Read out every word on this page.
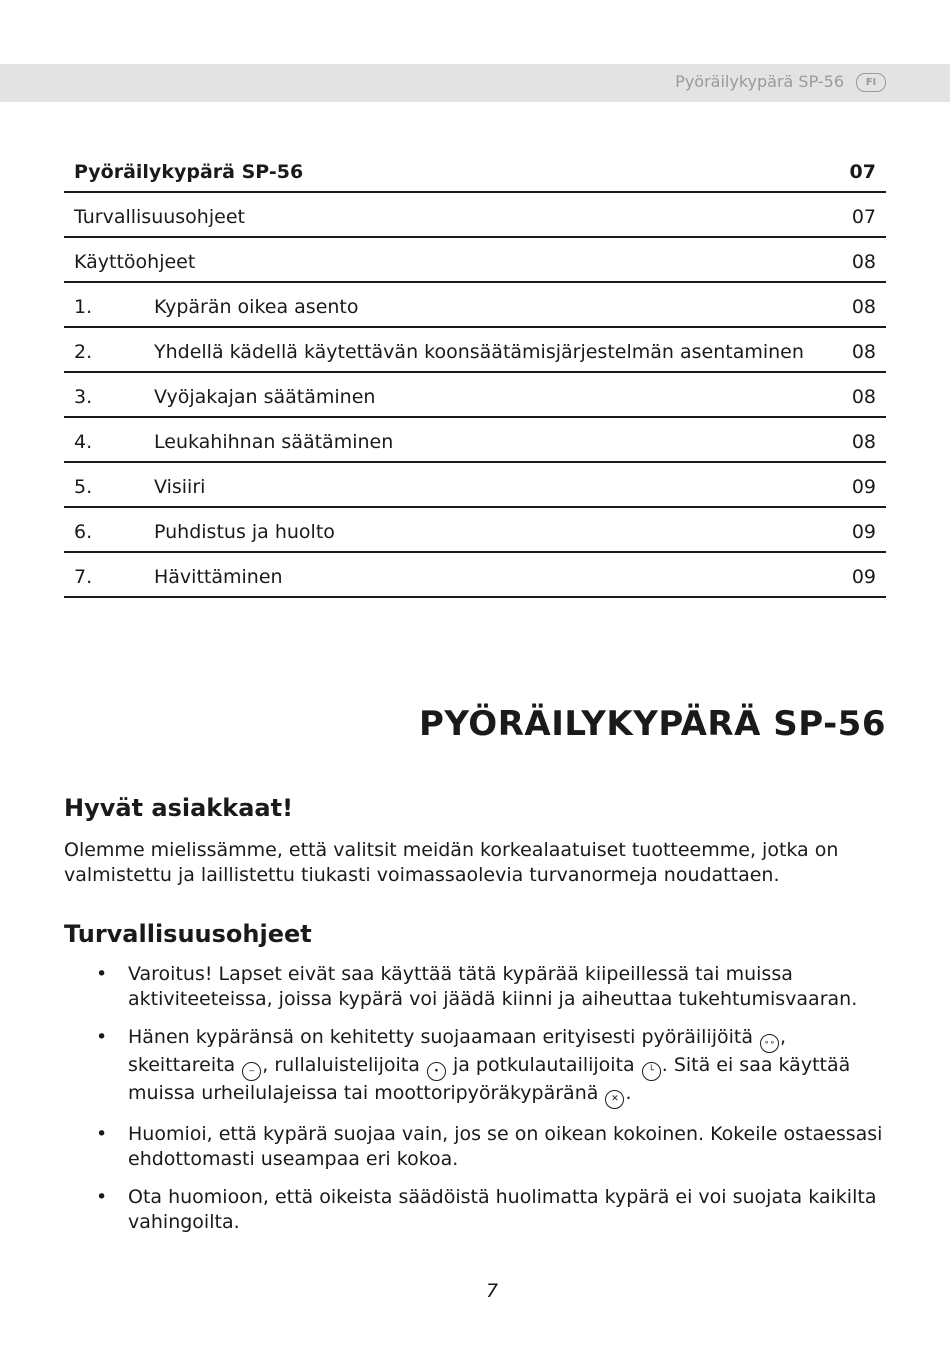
Pyöräilykypärä SP-56	FI
Pyöräilykypärä SP-56	07
Turvallisuusohjeet	07
Käyttöohjeet	08
1.	Kypärän oikea asento	08
2.	Yhdellä kädellä käytettävän koonsäätämisjärjestelmän asentaminen	08
3.	Vyöjakajan säätäminen	08
4.	Leukahihnan säätäminen	08
5.	Visiiri	09
6.	Puhdistus ja huolto	09
7.	Hävittäminen	09
PYÖRÄILYKYPÄRÄ SP-56
Hyvät asiakkaat!
Olemme mielissämme, että valitsit meidän korkealaatuiset tuotteemme, jotka on valmistettu ja laillistettu tiukasti voimassaolevia turvanormeja noudattaen.
Turvallisuusohjeet
• Varoitus! Lapset eivät saa käyttää tätä kypärää kiipeillessä tai muissa aktiviteeteissa, joissa kypärä voi jäädä kiinni ja aiheuttaa tukehtumisvaaran.
• Hänen kypäränsä on kehitetty suojaamaan erityisesti pyöräilijöitä ∘∘ , skeittareita ‒ , rullaluistelijoita ∙ ja potkulautailijoita └ . Sitä ei saa käyttää muissa urheilulajeissa tai moottoripyöräkypäränä ✕ .
• Huomioi, että kypärä suojaa vain, jos se on oikean kokoinen. Kokeile ostaessasi ehdottomasti useampaa eri kokoa.
• Ota huomioon, että oikeista säädöistä huolimatta kypärä ei voi suojata kaikilta vahingoilta.
7
